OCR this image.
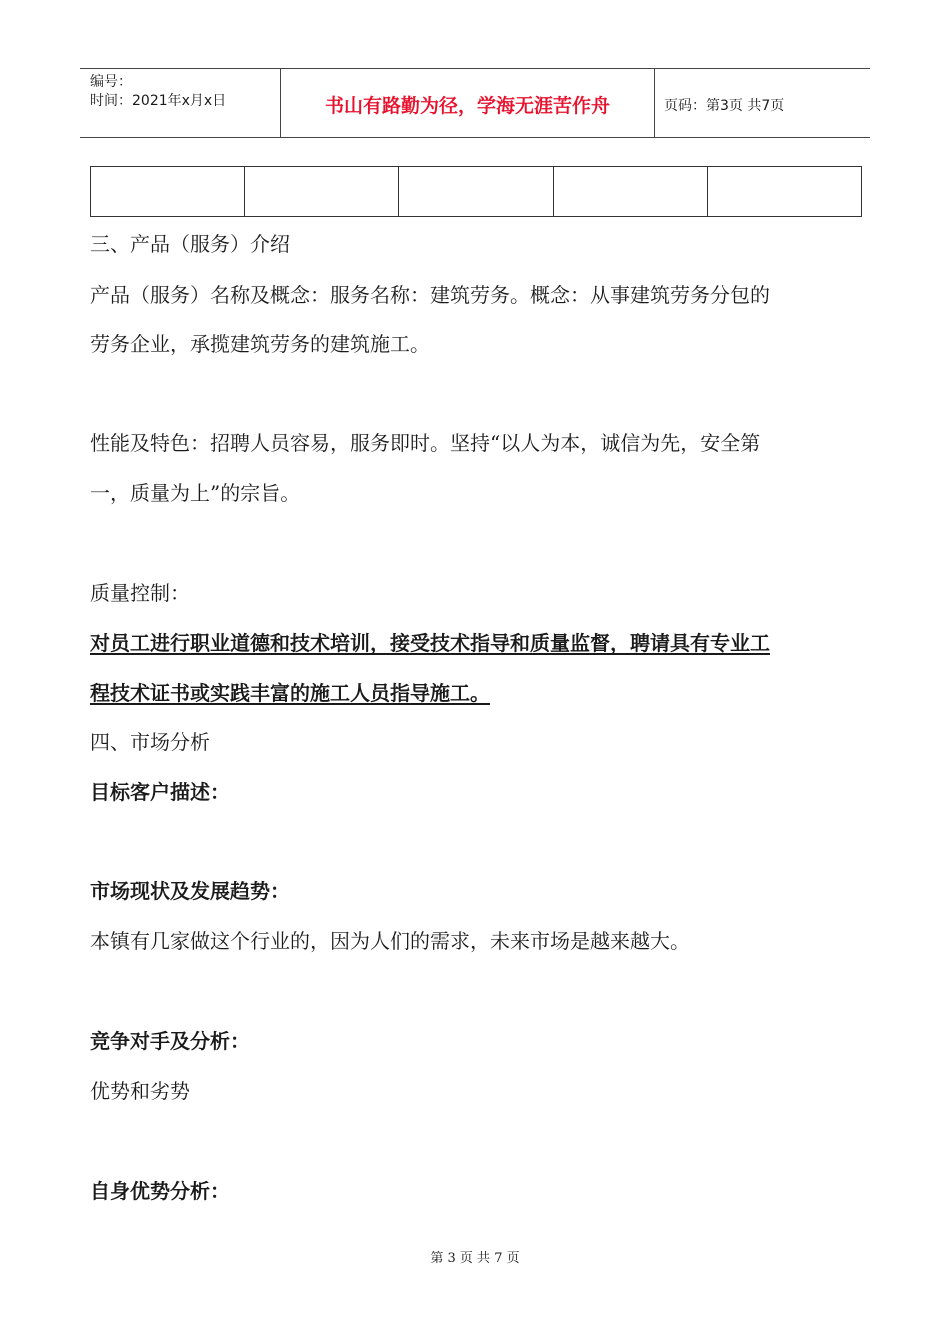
编号：
时间：2021年x月x日	书山有路勤为径，学海无涯苦作舟	页码：第3页 共7页
三、产品（服务）介绍
产品（服务）名称及概念：服务名称：建筑劳务。概念：从事建筑劳务分包的
劳务企业，承揽建筑劳务的建筑施工。
性能及特色：招聘人员容易，服务即时。坚持“以人为本，诚信为先，安全第
一，质量为上”的宗旨。
质量控制：
对员工进行职业道德和技术培训，接受技术指导和质量监督，聘请具有专业工
程技术证书或实践丰富的施工人员指导施工。
四、市场分析
目标客户描述：
市场现状及发展趋势：
本镇有几家做这个行业的，因为人们的需求，未来市场是越来越大。
竞争对手及分析：
优势和劣势
自身优势分析：
第 3 页 共 7 页
